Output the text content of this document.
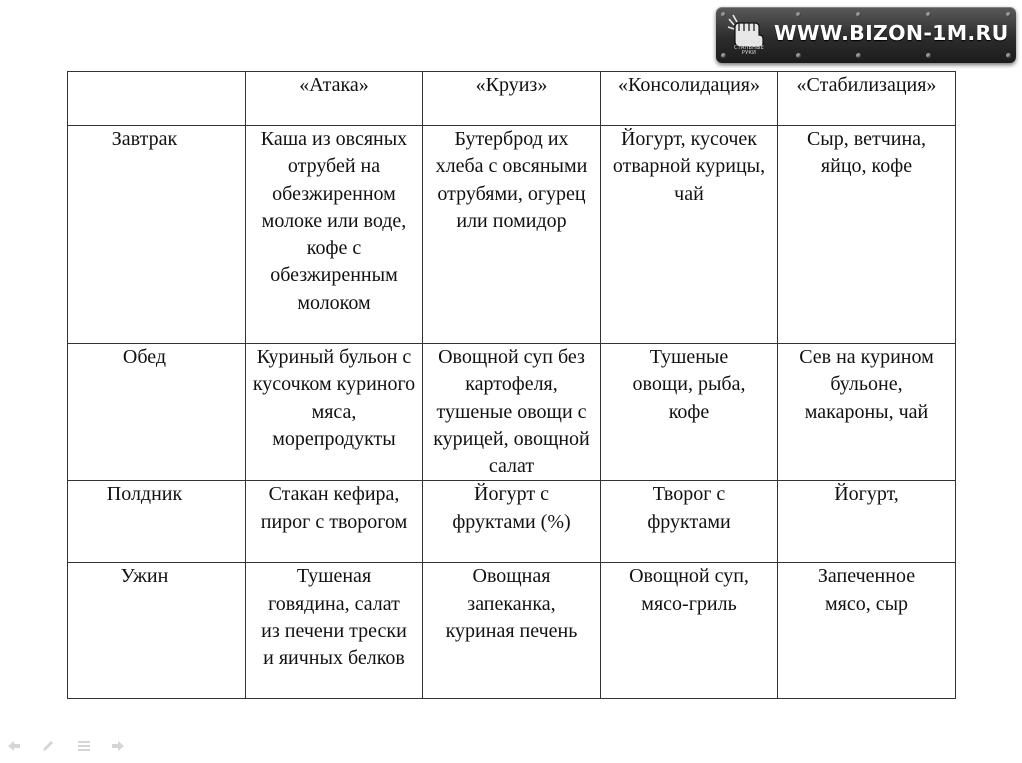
СДЕЛАЙ СТАЛЬНЫЕ РУКИ
WWW.BIZON-1M.RU
	«Атака»	«Круиз»	«Консолидация»	«Стабилизация»
Завтрак	Каша из овсяных отрубей на обезжиренном молоке или воде, кофе с обезжиренным молоком	Бутерброд их хлеба с овсяными отрубями, огурец или помидор	Йогурт, кусочек отварной курицы, чай	Сыр, ветчина, яйцо, кофе

Обед	Куриный бульон с кусочком куриного мяса, морепродукты	Овощной суп без картофеля, тушеные овощи с курицей, овощной салат	Тушеные овощи, рыба, кофе	Сев на курином бульоне, макароны, чай

Полдник	Стакан кефира, пирог с творогом	Йогурт с фруктами (%)	Творог с фруктами	Йогурт,

Ужин	Тушеная говядина, салат из печени трески и яичных белков	Овощная запеканка, куриная печень	Овощной суп, мясо-гриль	Запеченное мясо, сыр
